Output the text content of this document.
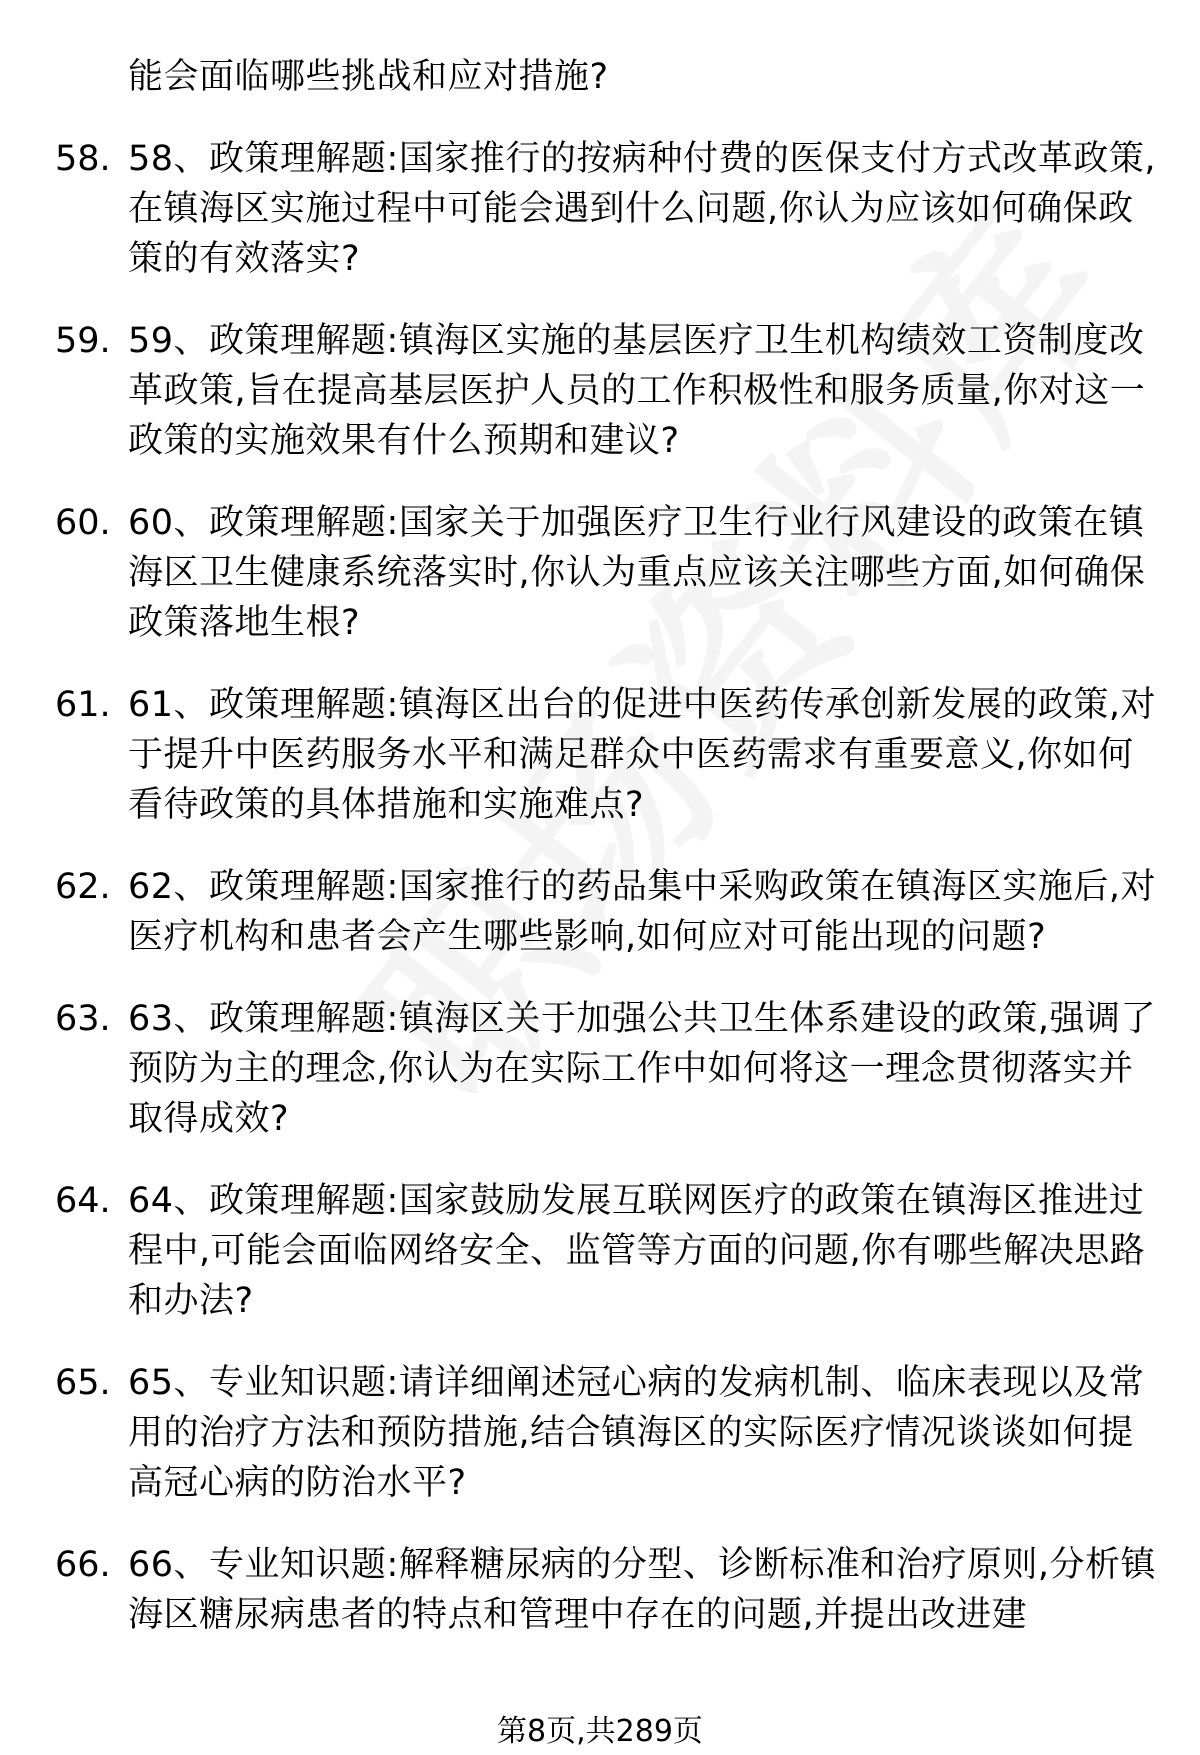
能会面临哪些挑战和应对措施?
58. 58、政策理解题:国家推行的按病种付费的医保支付方式改革政策,在镇海区实施过程中可能会遇到什么问题,你认为应该如何确保政策的有效落实?
59. 59、政策理解题:镇海区实施的基层医疗卫生机构绩效工资制度改革政策,旨在提高基层医护人员的工作积极性和服务质量,你对这一政策的实施效果有什么预期和建议?
60. 60、政策理解题:国家关于加强医疗卫生行业行风建设的政策在镇海区卫生健康系统落实时,你认为重点应该关注哪些方面,如何确保政策落地生根?
61. 61、政策理解题:镇海区出台的促进中医药传承创新发展的政策,对于提升中医药服务水平和满足群众中医药需求有重要意义,你如何看待政策的具体措施和实施难点?
62. 62、政策理解题:国家推行的药品集中采购政策在镇海区实施后,对医疗机构和患者会产生哪些影响,如何应对可能出现的问题?
63. 63、政策理解题:镇海区关于加强公共卫生体系建设的政策,强调了预防为主的理念,你认为在实际工作中如何将这一理念贯彻落实并取得成效?
64. 64、政策理解题:国家鼓励发展互联网医疗的政策在镇海区推进过程中,可能会面临网络安全、监管等方面的问题,你有哪些解决思路和办法?
65. 65、专业知识题:请详细阐述冠心病的发病机制、临床表现以及常用的治疗方法和预防措施,结合镇海区的实际医疗情况谈谈如何提高冠心病的防治水平?
66. 66、专业知识题:解释糖尿病的分型、诊断标准和治疗原则,分析镇海区糖尿病患者的特点和管理中存在的问题,并提出改进建
第8页,共289页
